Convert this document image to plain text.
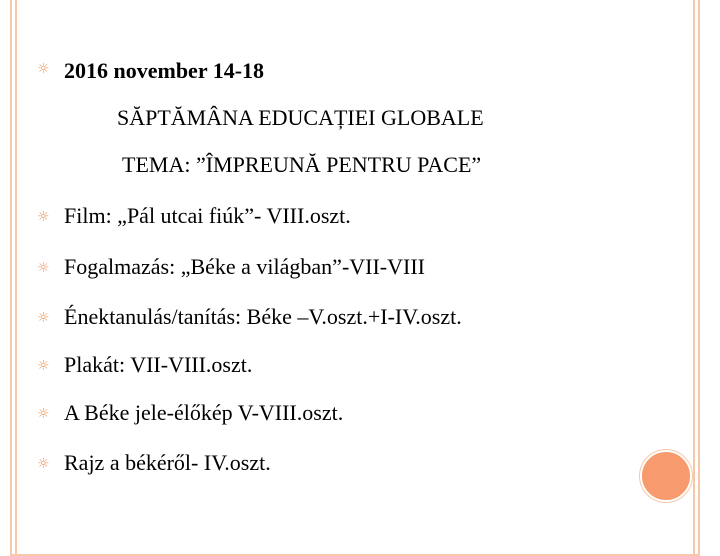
☼ 2016 november 14-18
SĂPTĂMÂNA EDUCAȚIEI GLOBALE
TEMA: ”ÎMPREUNĂ PENTRU PACE”
☼ Film: „Pál utcai fiúk”- VIII.oszt.
☼ Fogalmazás: „Béke a világban”-VII-VIII
☼ Énektanulás/tanítás: Béke –V.oszt.+I-IV.oszt.
☼ Plakát: VII-VIII.oszt.
☼ A Béke jele-élőkép V-VIII.oszt.
☼ Rajz a békéről- IV.oszt.
